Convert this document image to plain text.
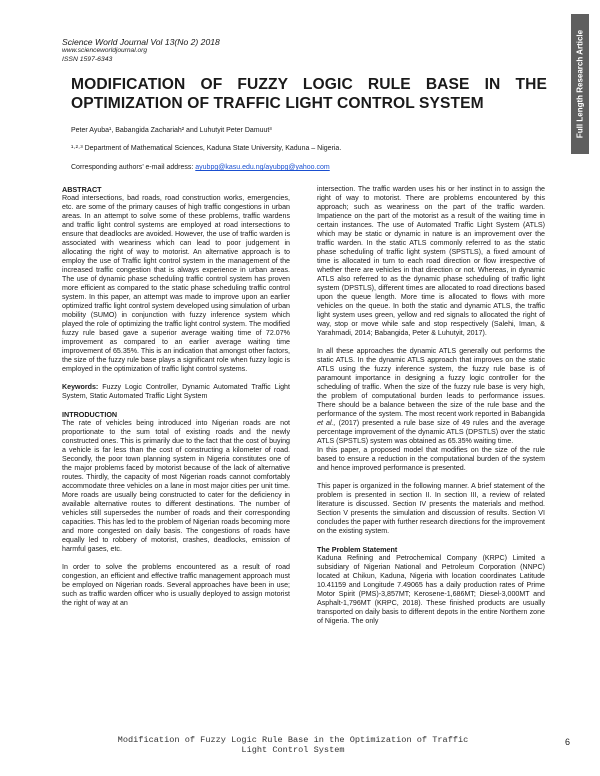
Science World Journal Vol 13(No 2) 2018
www.scienceworldjournal.org
ISSN 1597-6343	Full Length Research Article
MODIFICATION OF FUZZY LOGIC RULE BASE IN THE OPTIMIZATION OF TRAFFIC LIGHT CONTROL SYSTEM
Peter Ayuba¹, Babangida Zachariah² and Luhutyit Peter Damuut³
¹·²·³ Department of Mathematical Sciences, Kaduna State University, Kaduna – Nigeria.
Corresponding authors’ e-mail address: ayubpg@kasu.edu.ng/ayubpg@yahoo.com
ABSTRACT

Road intersections, bad roads, road construction works, emergencies, etc. are some of the primary causes of high traffic congestions in urban areas. In an attempt to solve some of these problems, traffic wardens and traffic light control systems are employed at road intersections to ensure that deadlocks are avoided. However, the use of traffic warden is associated with weariness which can lead to poor judgement in allocating the right of way to motorist. An alternative approach is to employ the use of Traffic light control system in the management of the increased traffic congestion that is always experience in urban areas. The use of dynamic phase scheduling traffic control system has proven more efficient as compared to the static phase scheduling traffic control system. In this paper, an attempt was made to improve upon an earlier optimized traffic light control system developed using simulation of urban mobility (SUMO) in conjunction with fuzzy inference system which played the role of optimizing the traffic light control system. The modified fuzzy rule based gave a superior average waiting time of 72.07% improvement as compared to an earlier average waiting time improvement of 65.35%. This is an indication that amongst other factors, the size of the fuzzy rule base plays a significant role when fuzzy logic is employed in the optimization of traffic light control systems.

Keywords: Fuzzy Logic Controller, Dynamic Automated Traffic Light System, Static Automated Traffic Light System

INTRODUCTION

The rate of vehicles being introduced into Nigerian roads are not proportionate to the sum total of existing roads and the newly constructed ones. This is primarily due to the fact that the cost of buying a vehicle is far less than the cost of constructing a kilometer of road. Secondly, the poor town planning system in Nigeria constitutes one of the major problems faced by motorist because of the lack of alternative routes. Thirdly, the capacity of most Nigerian roads cannot comfortably accommodate three vehicles on a lane in most major cities per unit time. More roads are usually being constructed to cater for the deficiency in available alternative routes to different destinations. The number of vehicles still supersedes the number of roads and their corresponding capacities. This has led to the problem of Nigerian roads becoming more and more congested on daily basis. The congestions of roads have equally led to robbery of motorist, crashes, deadlocks, emission of harmful gases, etc.

In order to solve the problems encountered as a result of road congestion, an efficient and effective traffic management approach must be employed on Nigerian roads. Several approaches have been in use; such as traffic warden officer who is usually deployed to assign motorist the right of way at an

intersection. The traffic warden uses his or her instinct in to assign the right of way to motorist. There are problems encountered by this approach; such as weariness on the part of the traffic warden. Impatience on the part of the motorist as a result of the waiting time in certain instances. The use of Automated Traffic Light System (ATLS) which may be static or dynamic in nature is an improvement over the traffic warden. In the static ATLS commonly referred to as the static phase scheduling of traffic light system (SPSTLS), a fixed amount of time is allocated in turn to each road direction or flow irrespective of whether there are vehicles in that direction or not. Whereas, in dynamic ATLS also referred to as the dynamic phase scheduling of traffic light system (DPSTLS), different times are allocated to road directions based upon the queue length. More time is allocated to flows with more vehicles on the queue. In both the static and dynamic ATLS, the traffic light system uses green, yellow and red signals to allocated the right of way, stop or move while safe and stop respectively (Salehi, Iman, & Yarahmadi, 2014; Babangida, Peter & Luhutyit, 2017).

In all these approaches the dynamic ATLS generally out performs the static ATLS. In the dynamic ATLS approach that improves on the static ATLS using the fuzzy inference system, the fuzzy rule base is of paramount importance in designing a fuzzy logic controller for the scheduling of traffic. When the size of the fuzzy rule base is very high, the problem of computational burden leads to performance issues. There should be a balance between the size of the rule base and the performance of the system. The most recent work reported in Babangida et al., (2017) presented a rule base size of 49 rules and the average percentage improvement of the dynamic ATLS (DPSTLS) over the static ATLS (SPSTLS) system was obtained as 65.35% waiting time.

In this paper, a proposed model that modifies on the size of the rule based to ensure a reduction in the computational burden of the system and hence improved performance is presented.

This paper is organized in the following manner. A brief statement of the problem is presented in section II. In section III, a review of related literature is discussed. Section IV presents the materials and method. Section V presents the simulation and discussion of results. Section VI concludes the paper with further research directions for the improvement on the existing system.

The Problem Statement

Kaduna Refining and Petrochemical Company (KRPC) Limited a subsidiary of Nigerian National and Petroleum Corporation (NNPC) located at Chikun, Kaduna, Nigeria with location coordinates Latitude 10.41159 and Longitude 7.49065 has a daily production rates of Prime Motor Spirit (PMS)-3,857MT; Kerosene-1,686MT; Diesel-3,000MT and Asphalt-1,796MT (KRPC, 2018). These finished products are usually transported on daily basis to different depots in the entire Northern zone of Nigeria. The only

Modification of Fuzzy Logic Rule Base in the Optimization of Traffic Light Control System
6
